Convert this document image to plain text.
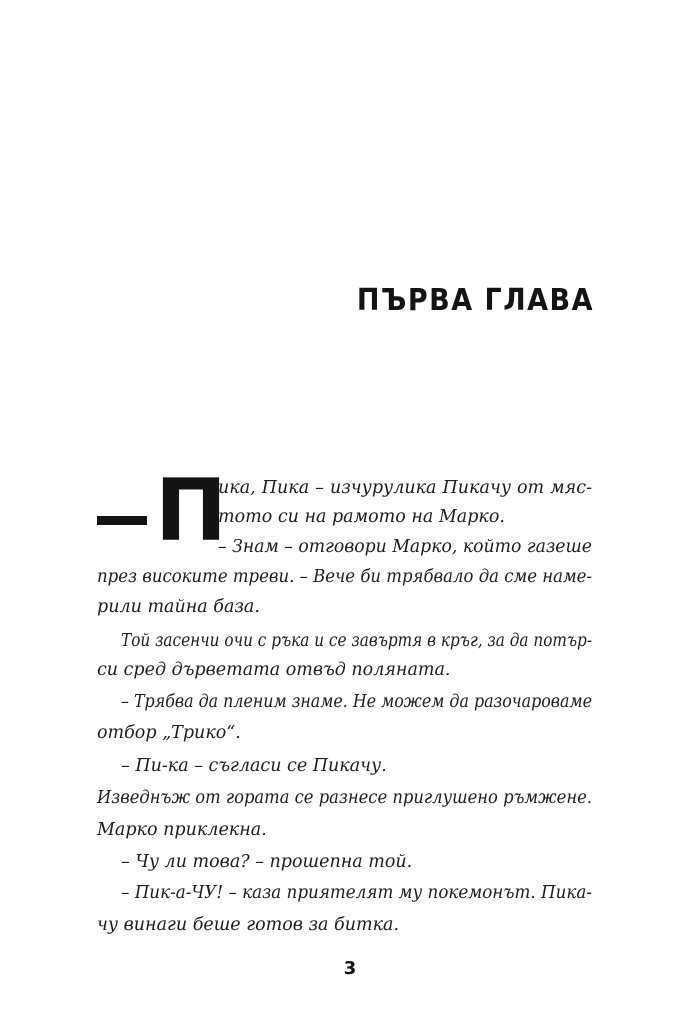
ПЪРВА ГЛАВА
П

ика, Пика – изчурулика Пикачу от мяс-

тото си на рамото на Марко.

– Знам – отговори Марко, който газеше

през високите треви. – Вече би трябвало да сме наме-

рили тайна база.

Той засенчи очи с ръка и се завъртя в кръг, за да потър-

си сред дърветата отвъд поляната.

– Трябва да пленим знаме. Не можем да разочароваме

отбор „Трико“.

– Пи-ка – съгласи се Пикачу.

Изведнъж от гората се разнесе приглушено ръмжене.

Марко приклекна.

– Чу ли това? – прошепна той.

– Пик-а-ЧУ! – каза приятелят му покемонът. Пика-

чу винаги беше готов за битка.

3
